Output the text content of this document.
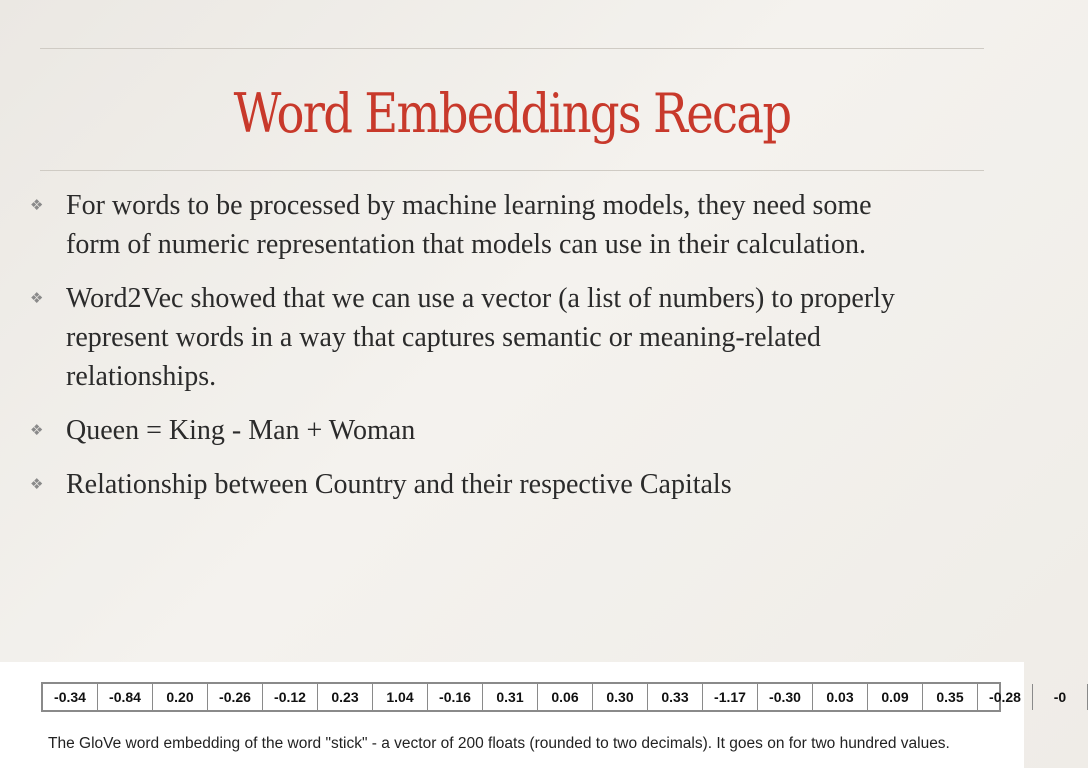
Word Embeddings Recap
❖ For words to be processed by machine learning models, they need some form of numeric representation that models can use in their calculation.
❖ Word2Vec showed that we can use a vector (a list of numbers) to properly represent words in a way that captures semantic or meaning-related relationships.
❖ Queen = King - Man + Woman
❖ Relationship between Country and their respective Capitals
-0.34	-0.84	0.20	-0.26	-0.12	0.23	1.04	-0.16	0.31	0.06	0.30	0.33	-1.17	-0.30	0.03	0.09	0.35	-0.28	-0
The GloVe word embedding of the word "stick" - a vector of 200 floats (rounded to two decimals). It goes on for two hundred values.
